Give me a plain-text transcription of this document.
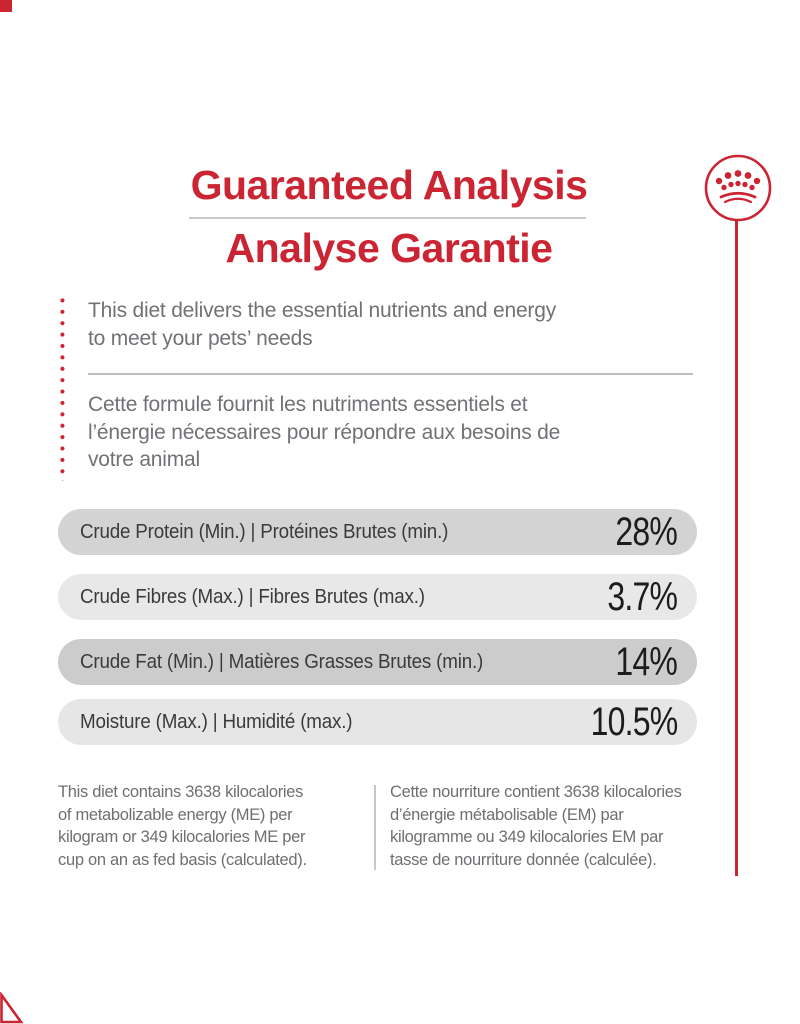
Guaranteed Analysis
Analyse Garantie
This diet delivers the essential nutrients and energy
to meet your pets’ needs
Cette formule fournit les nutriments essentiels et
l’énergie nécessaires pour répondre aux besoins de
votre animal
Crude Protein (Min.) | Protéines Brutes (min.)	28%
Crude Fibres (Max.) | Fibres Brutes (max.)	3.7%
Crude Fat (Min.) | Matières Grasses Brutes (min.)	14%
Moisture (Max.) | Humidité (max.)	10.5%
This diet contains 3638 kilocalories
of metabolizable energy (ME) per
kilogram or 349 kilocalories ME per
cup on an as fed basis (calculated).
Cette nourriture contient 3638 kilocalories
d’énergie métabolisable (EM) par
kilogramme ou 349 kilocalories EM par
tasse de nourriture donnée (calculée).
